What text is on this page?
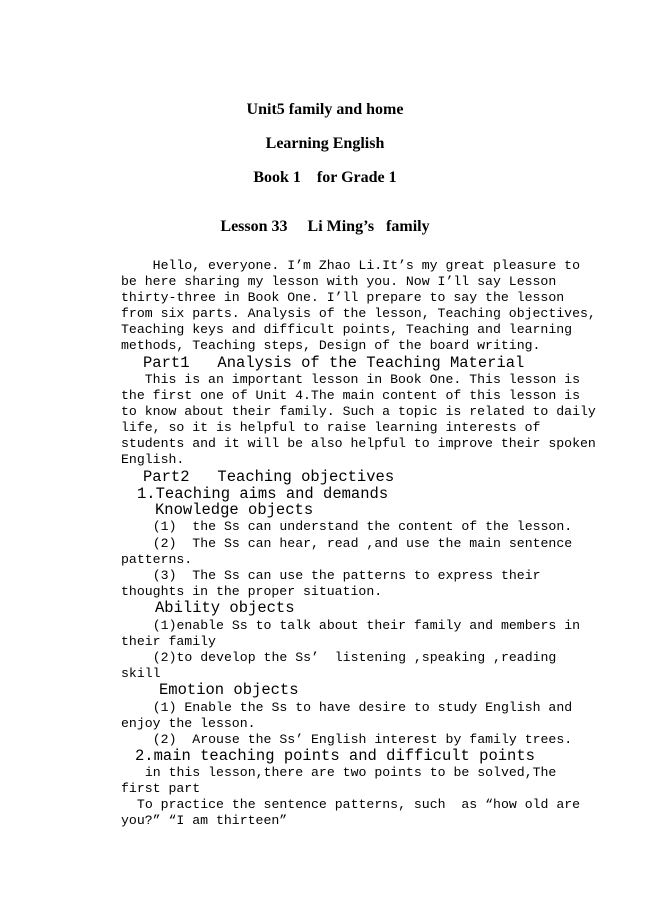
Unit5 family and home
Learning English
Book 1    for Grade 1
Lesson 33     Li Ming’s   family
Hello, everyone. I’m Zhao Li.It’s my great pleasure to
be here sharing my lesson with you. Now I’ll say Lesson
thirty-three in Book One. I’ll prepare to say the lesson
from six parts. Analysis of the lesson, Teaching objectives,
Teaching keys and difficult points, Teaching and learning
methods, Teaching steps, Design of the board writing.
Part1   Analysis of the Teaching Material
This is an important lesson in Book One. This lesson is
the first one of Unit 4.The main content of this lesson is
to know about their family. Such a topic is related to daily
life, so it is helpful to raise learning interests of
students and it will be also helpful to improve their spoken
English.
Part2   Teaching objectives
1.Teaching aims and demands
Knowledge objects
(1)  the Ss can understand the content of the lesson.
(2)  The Ss can hear, read ,and use the main sentence
patterns.
(3)  The Ss can use the patterns to express their
thoughts in the proper situation.
Ability objects
(1)enable Ss to talk about their family and members in
their family
(2)to develop the Ss’  listening ,speaking ,reading
skill
Emotion objects
(1) Enable the Ss to have desire to study English and
enjoy the lesson.
(2)  Arouse the Ss’ English interest by family trees.
2.main teaching points and difficult points
in this lesson,there are two points to be solved,The
first part
To practice the sentence patterns, such  as “how old are
you?” “I am thirteen”
